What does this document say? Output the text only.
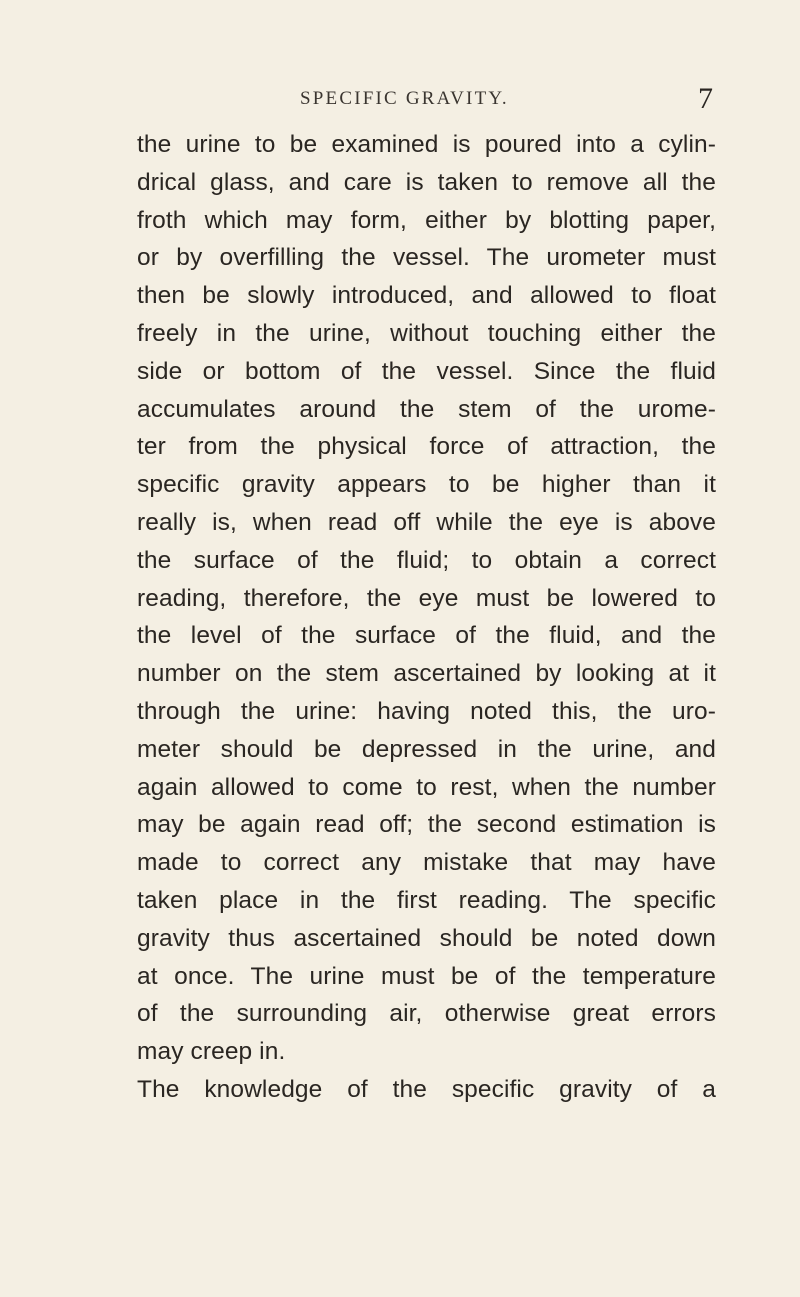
SPECIFIC GRAVITY.	7
the urine to be examined is poured into a cylin-
drical glass, and care is taken to remove all the
froth which may form, either by blotting paper,
or by overfilling the vessel. The urometer must
then be slowly introduced, and allowed to float
freely in the urine, without touching either the
side or bottom of the vessel. Since the fluid
accumulates around the stem of the urome-
ter from the physical force of attraction, the
specific gravity appears to be higher than it
really is, when read off while the eye is above
the surface of the fluid; to obtain a correct
reading, therefore, the eye must be lowered to
the level of the surface of the fluid, and the
number on the stem ascertained by looking at it
through the urine: having noted this, the uro-
meter should be depressed in the urine, and
again allowed to come to rest, when the number
may be again read off; the second estimation is
made to correct any mistake that may have
taken place in the first reading. The specific
gravity thus ascertained should be noted down
at once. The urine must be of the temperature
of the surrounding air, otherwise great errors
may creep in.
The knowledge of the specific gravity of a
